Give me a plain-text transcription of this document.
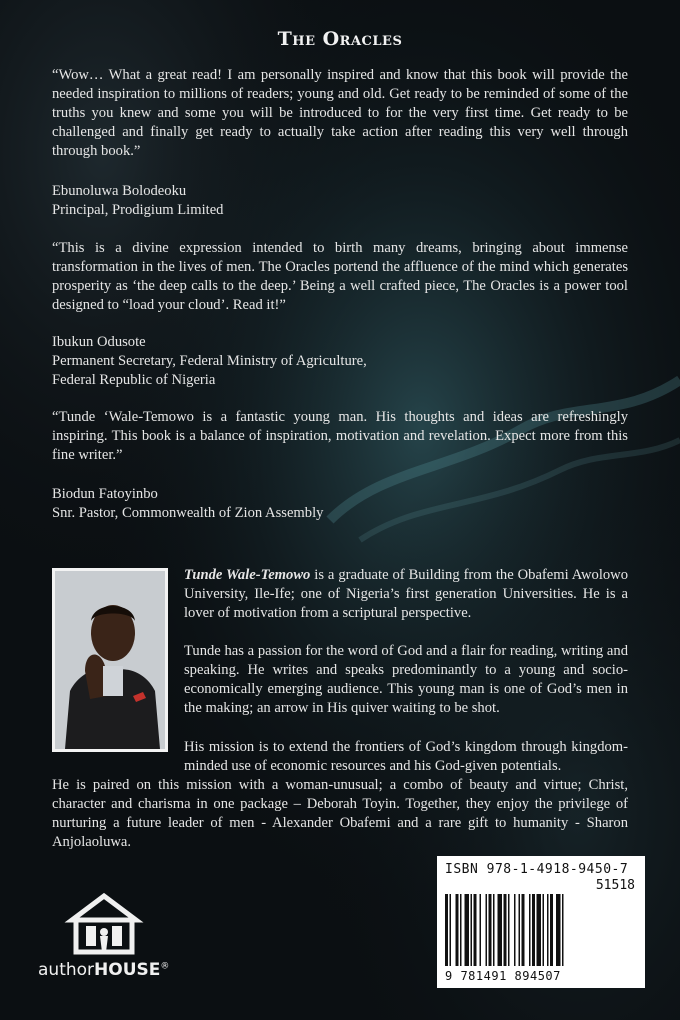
The Oracles

“Wow… What a great read! I am personally inspired and know that this book will provide the needed inspiration to millions of readers; young and old. Get ready to be reminded of some of the truths you knew and some you will be introduced to for the very first time. Get ready to be challenged and finally get ready to actually take action after reading this very well through through book.”

Ebunoluwa Bolodeoku
Principal, Prodigium Limited

“This is a divine expression intended to birth many dreams, bringing about immense transformation in the lives of men. The Oracles portend the affluence of the mind which generates prosperity as ‘the deep calls to the deep.’ Being a well crafted piece, The Oracles is a power tool designed to “load your cloud’. Read it!”

Ibukun Odusote
Permanent Secretary, Federal Ministry of Agriculture,
Federal Republic of Nigeria

“Tunde ‘Wale-Temowo is a fantastic young man. His thoughts and ideas are refreshingly inspiring. This book is a balance of inspiration, motivation and revelation. Expect more from this fine writer.”

Biodun Fatoyinbo
Snr. Pastor, Commonwealth of Zion Assembly

Tunde Wale-Temowo is a graduate of Building from the Obafemi Awolowo University, Ile-Ife; one of Nigeria’s first generation Universities. He is a lover of motivation from a scriptural perspective.

Tunde has a passion for the word of God and a flair for reading, writing and speaking. He writes and speaks predominantly to a young and socio-economically emerging audience. This young man is one of God’s men in the making; an arrow in His quiver waiting to be shot.

His mission is to extend the frontiers of God’s kingdom through kingdom-minded use of economic resources and his God-given potentials.
He is paired on this mission with a woman-unusual; a combo of beauty and virtue; Christ, character and charisma in one package – Deborah Toyin. Together, they enjoy the privilege of nurturing a future leader of men - Alexander Obafemi and a rare gift to humanity - Sharon Anjolaoluwa.

ISBN 978-1-4918-9450-7
51518
9 781491 894507
authorHOUSE®
